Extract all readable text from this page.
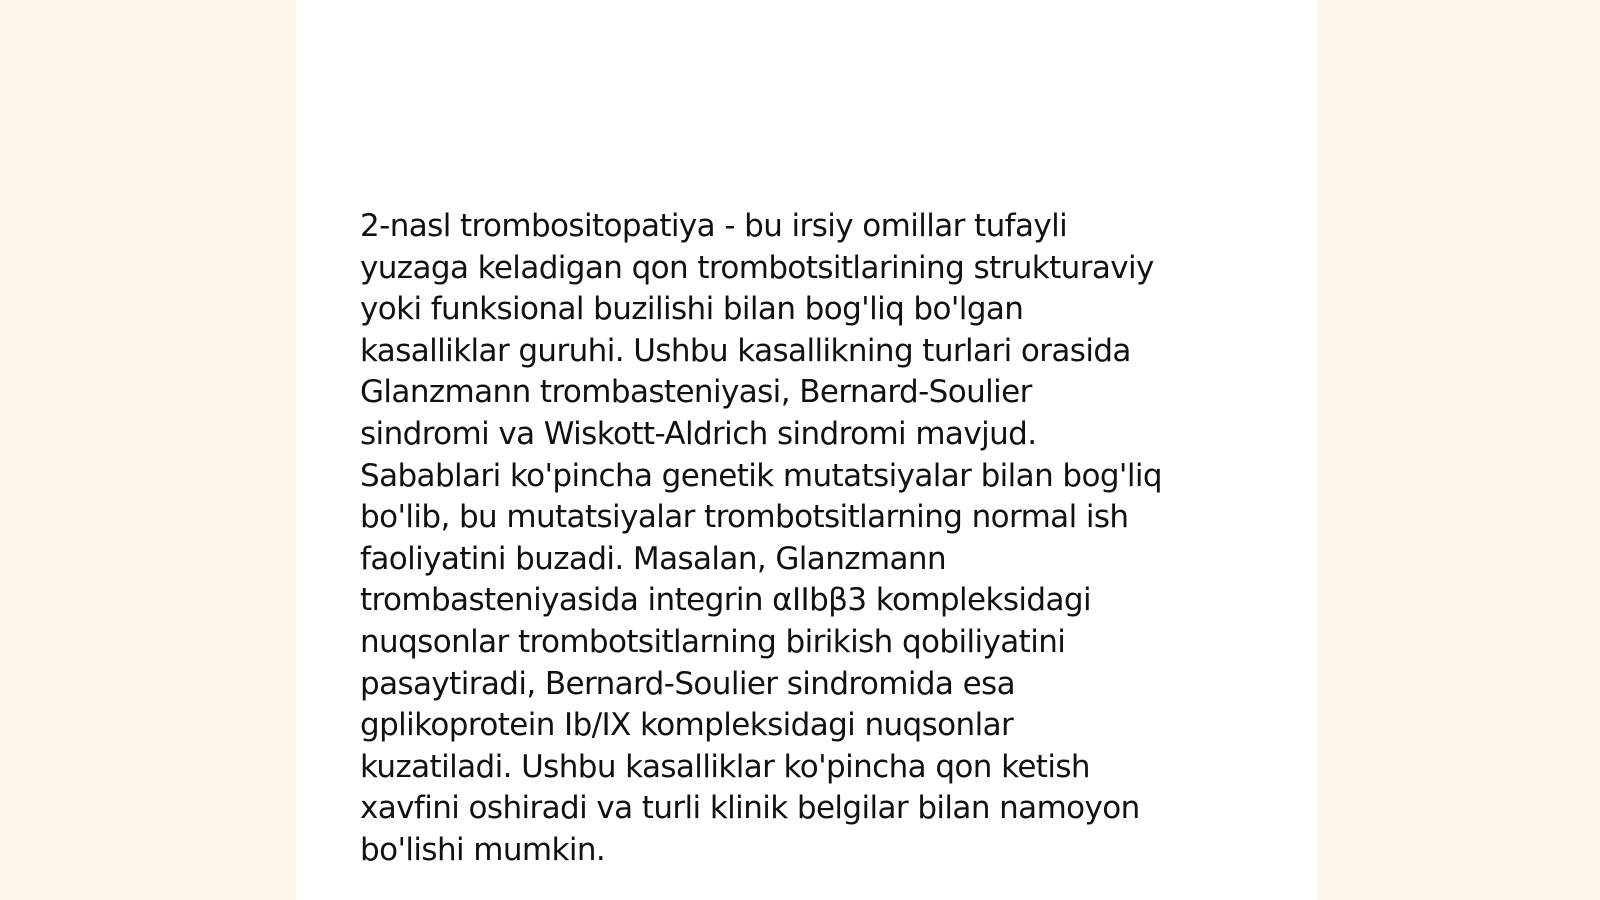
2-nasl trombositopatiya - bu irsiy omillar tufayli
yuzaga keladigan qon trombotsitlarining strukturaviy
yoki funksional buzilishi bilan bog'liq bo'lgan
kasalliklar guruhi. Ushbu kasallikning turlari orasida
Glanzmann trombasteniyasi, Bernard-Soulier
sindromi va Wiskott-Aldrich sindromi mavjud.
Sabablari ko'pincha genetik mutatsiyalar bilan bog'liq
bo'lib, bu mutatsiyalar trombotsitlarning normal ish
faoliyatini buzadi. Masalan, Glanzmann
trombasteniyasida integrin αIIbβ3 kompleksidagi
nuqsonlar trombotsitlarning birikish qobiliyatini
pasaytiradi, Bernard-Soulier sindromida esa
gplikoprotein Ib/IX kompleksidagi nuqsonlar
kuzatiladi. Ushbu kasalliklar ko'pincha qon ketish
xavfini oshiradi va turli klinik belgilar bilan namoyon
bo'lishi mumkin.
